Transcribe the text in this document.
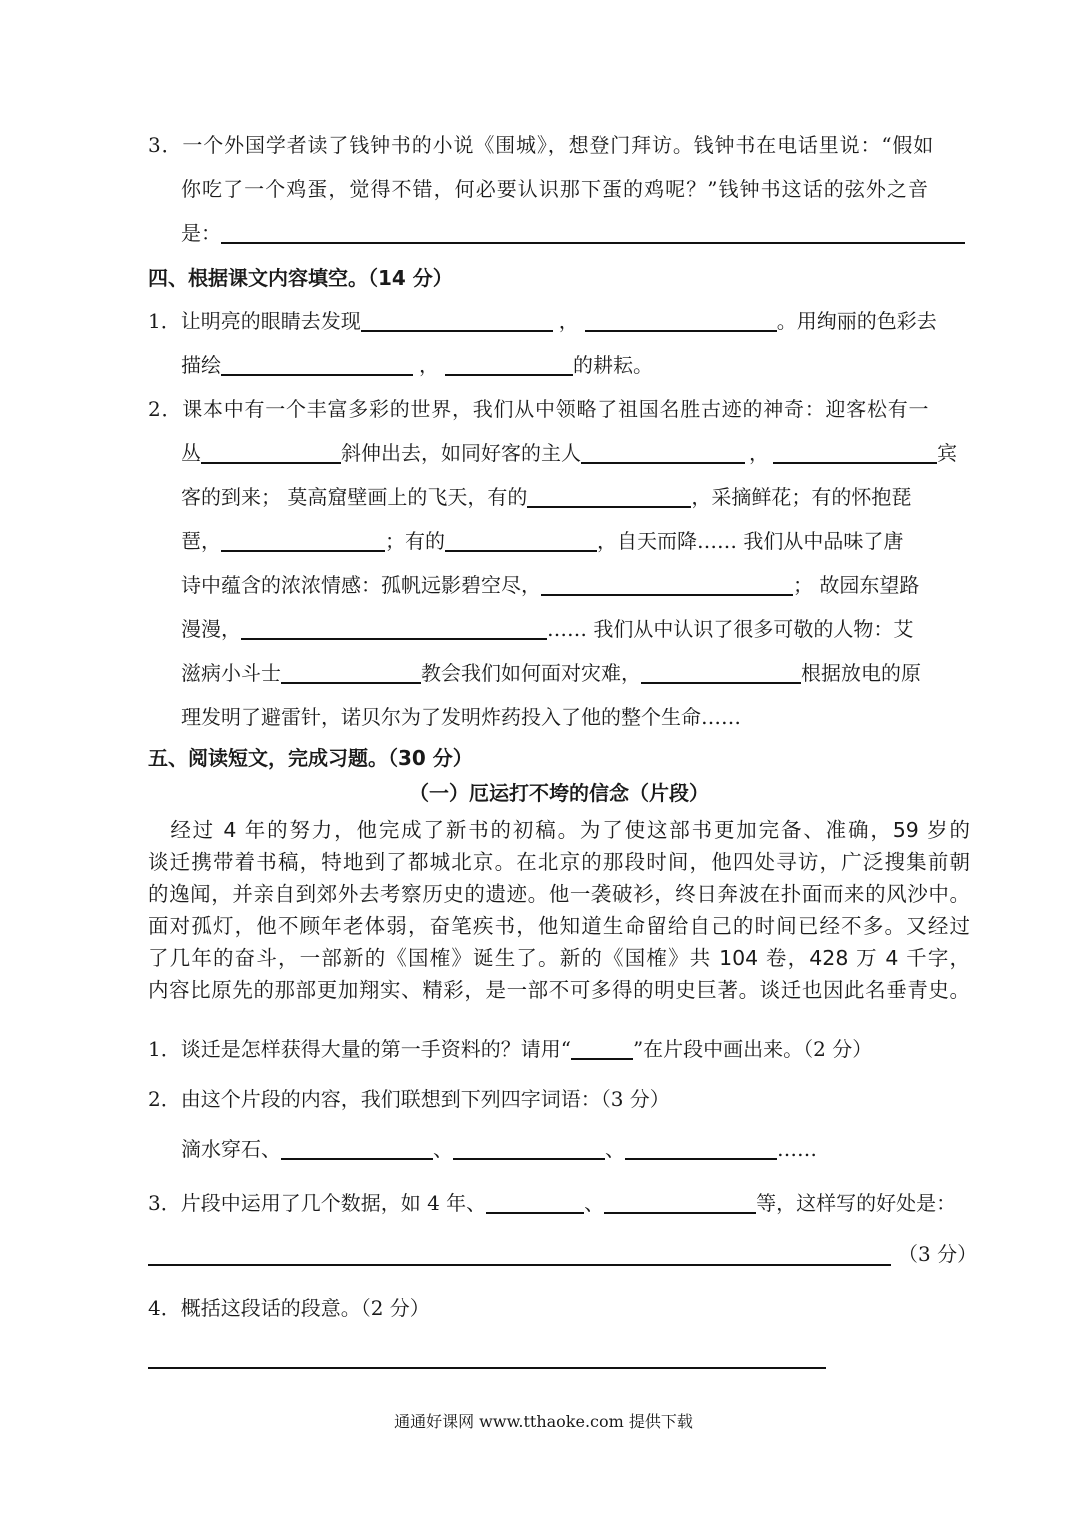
3．一个外国学者读了钱钟书的小说《围城》，想登门拜访。钱钟书在电话里说：“假如
你吃了一个鸡蛋，觉得不错，何必要认识那下蛋的鸡呢？”钱钟书这话的弦外之音
是：
四、根据课文内容填空。（14 分）
1．让明亮的眼睛去发现	，	。用绚丽的色彩去
描绘	，	的耕耘。
2．课本中有一个丰富多彩的世界，我们从中领略了祖国名胜古迹的神奇：迎客松有一
丛	斜伸出去，如同好客的主人	，	宾
客的到来； 莫高窟壁画上的飞天，有的	，采摘鲜花；有的怀抱琵
琶，	；有的	，自天而降…… 我们从中品味了唐
诗中蕴含的浓浓情感：孤帆远影碧空尽，	； 故园东望路
漫漫，	…… 我们从中认识了很多可敬的人物：艾
滋病小斗士	教会我们如何面对灾难，	根据放电的原
理发明了避雷针，诺贝尔为了发明炸药投入了他的整个生命……
五、阅读短文，完成习题。（30 分）
（一）厄运打不垮的信念（片段）
　经过 4 年的努力，他完成了新书的初稿。为了使这部书更加完备、准确，59 岁的
谈迁携带着书稿，特地到了都城北京。在北京的那段时间，他四处寻访，广泛搜集前朝
的逸闻，并亲自到郊外去考察历史的遗迹。他一袭破衫，终日奔波在扑面而来的风沙中。
面对孤灯，他不顾年老体弱，奋笔疾书，他知道生命留给自己的时间已经不多。又经过
了几年的奋斗，一部新的《国榷》诞生了。新的《国榷》共 104 卷，428 万 4 千字，
内容比原先的那部更加翔实、精彩，是一部不可多得的明史巨著。谈迁也因此名垂青史。
1．谈迁是怎样获得大量的第一手资料的？请用“	”在片段中画出来。（2 分）
2．由这个片段的内容，我们联想到下列四字词语：（3 分）
滴水穿石、	、	、	……
3．片段中运用了几个数据，如 4 年、	、	等，这样写的好处是：
（3 分）
4．概括这段话的段意。（2 分）
通通好课网 www.tthaoke.com 提供下载
